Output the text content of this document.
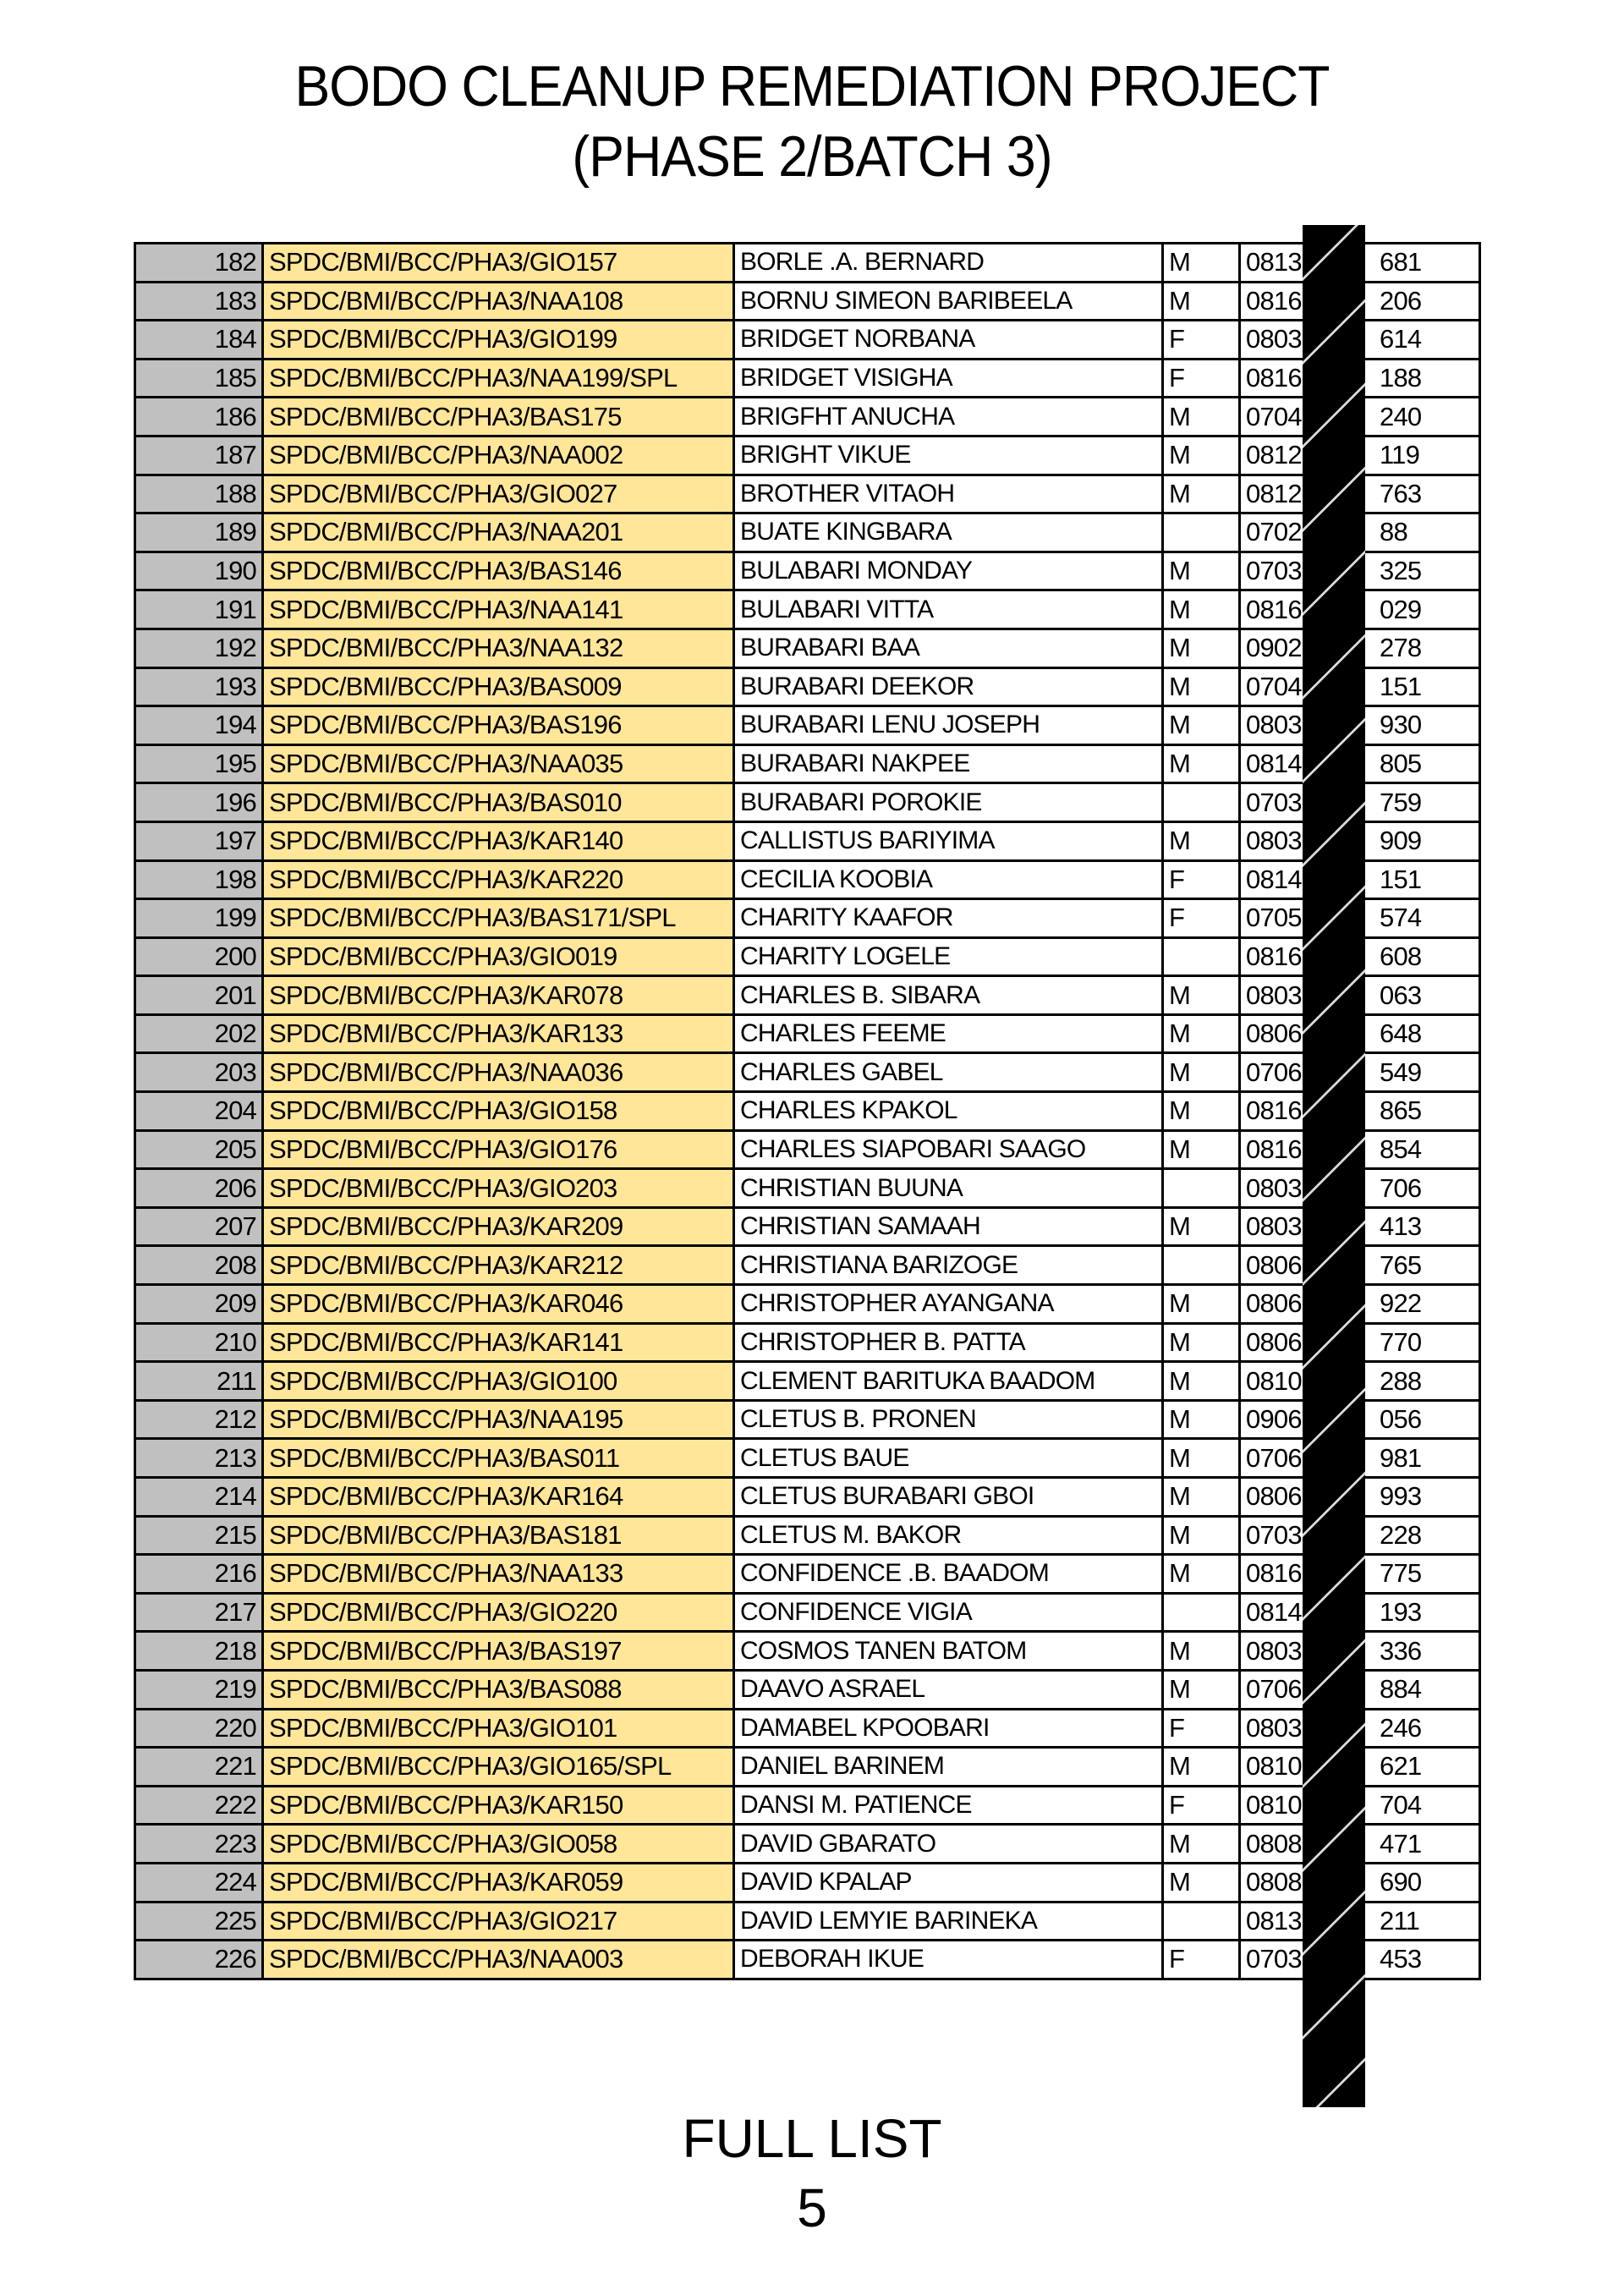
BODO CLEANUP REMEDIATION PROJECT
(PHASE 2/BATCH 3)
182	SPDC/BMI/BCC/PHA3/GIO157	BORLE .A. BERNARD	M	0813 681
183	SPDC/BMI/BCC/PHA3/NAA108	BORNU SIMEON BARIBEELA	M	0816 206
184	SPDC/BMI/BCC/PHA3/GIO199	BRIDGET NORBANA	F	0803 614
185	SPDC/BMI/BCC/PHA3/NAA199/SPL	BRIDGET VISIGHA	F	0816 188
186	SPDC/BMI/BCC/PHA3/BAS175	BRIGFHT ANUCHA	M	0704 240
187	SPDC/BMI/BCC/PHA3/NAA002	BRIGHT VIKUE	M	0812 119
188	SPDC/BMI/BCC/PHA3/GIO027	BROTHER VITAOH	M	0812 763
189	SPDC/BMI/BCC/PHA3/NAA201	BUATE KINGBARA		0702 88
190	SPDC/BMI/BCC/PHA3/BAS146	BULABARI MONDAY	M	0703 325
191	SPDC/BMI/BCC/PHA3/NAA141	BULABARI VITTA	M	0816 029
192	SPDC/BMI/BCC/PHA3/NAA132	BURABARI BAA	M	0902 278
193	SPDC/BMI/BCC/PHA3/BAS009	BURABARI DEEKOR	M	0704 151
194	SPDC/BMI/BCC/PHA3/BAS196	BURABARI LENU JOSEPH	M	0803 930
195	SPDC/BMI/BCC/PHA3/NAA035	BURABARI NAKPEE	M	0814 805
196	SPDC/BMI/BCC/PHA3/BAS010	BURABARI POROKIE		0703 759
197	SPDC/BMI/BCC/PHA3/KAR140	CALLISTUS BARIYIMA	M	0803 909
198	SPDC/BMI/BCC/PHA3/KAR220	CECILIA KOOBIA	F	0814 151
199	SPDC/BMI/BCC/PHA3/BAS171/SPL	CHARITY KAAFOR	F	0705 574
200	SPDC/BMI/BCC/PHA3/GIO019	CHARITY LOGELE		0816 608
201	SPDC/BMI/BCC/PHA3/KAR078	CHARLES B. SIBARA	M	0803 063
202	SPDC/BMI/BCC/PHA3/KAR133	CHARLES FEEME	M	0806 648
203	SPDC/BMI/BCC/PHA3/NAA036	CHARLES GABEL	M	0706 549
204	SPDC/BMI/BCC/PHA3/GIO158	CHARLES KPAKOL	M	0816 865
205	SPDC/BMI/BCC/PHA3/GIO176	CHARLES SIAPOBARI SAAGO	M	0816 854
206	SPDC/BMI/BCC/PHA3/GIO203	CHRISTIAN BUUNA		0803 706
207	SPDC/BMI/BCC/PHA3/KAR209	CHRISTIAN SAMAAH	M	0803 413
208	SPDC/BMI/BCC/PHA3/KAR212	CHRISTIANA BARIZOGE		0806 765
209	SPDC/BMI/BCC/PHA3/KAR046	CHRISTOPHER AYANGANA	M	0806 922
210	SPDC/BMI/BCC/PHA3/KAR141	CHRISTOPHER B. PATTA	M	0806 770
211	SPDC/BMI/BCC/PHA3/GIO100	CLEMENT BARITUKA BAADOM	M	0810 288
212	SPDC/BMI/BCC/PHA3/NAA195	CLETUS B. PRONEN	M	0906 056
213	SPDC/BMI/BCC/PHA3/BAS011	CLETUS BAUE	M	0706 981
214	SPDC/BMI/BCC/PHA3/KAR164	CLETUS BURABARI GBOI	M	0806 993
215	SPDC/BMI/BCC/PHA3/BAS181	CLETUS M. BAKOR	M	0703 228
216	SPDC/BMI/BCC/PHA3/NAA133	CONFIDENCE .B. BAADOM	M	0816 775
217	SPDC/BMI/BCC/PHA3/GIO220	CONFIDENCE VIGIA		0814 193
218	SPDC/BMI/BCC/PHA3/BAS197	COSMOS TANEN BATOM	M	0803 336
219	SPDC/BMI/BCC/PHA3/BAS088	DAAVO ASRAEL	M	0706 884
220	SPDC/BMI/BCC/PHA3/GIO101	DAMABEL KPOOBARI	F	0803 246
221	SPDC/BMI/BCC/PHA3/GIO165/SPL	DANIEL BARINEM	M	0810 621
222	SPDC/BMI/BCC/PHA3/KAR150	DANSI M. PATIENCE	F	0810 704
223	SPDC/BMI/BCC/PHA3/GIO058	DAVID GBARATO	M	0808 471
224	SPDC/BMI/BCC/PHA3/KAR059	DAVID KPALAP	M	0808 690
225	SPDC/BMI/BCC/PHA3/GIO217	DAVID LEMYIE BARINEKA		0813 211
226	SPDC/BMI/BCC/PHA3/NAA003	DEBORAH IKUE	F	0703 453
FULL LIST
5
